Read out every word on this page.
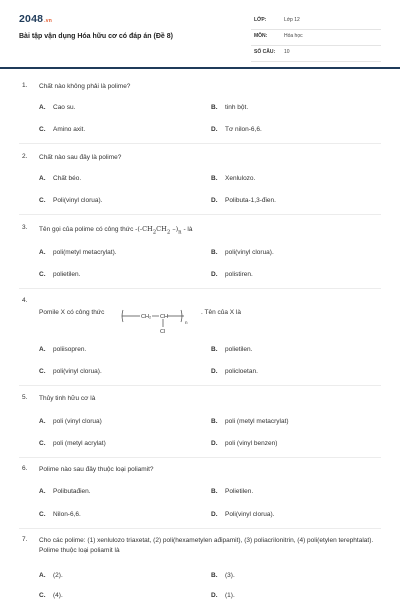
2048.vn
Bài tập vận dụng Hóa hữu cơ có đáp án (Đề 8)
LỚP:	Lớp 12
MÔN:	Hóa học
SỐ CÂU: 10
1. Chất nào không phải là polime?
A. Cao su.	B. tinh bột.
C. Amino axit.	D. Tơ nilon-6,6.
2. Chất nào sau đây là polime?
A. Chất béo.	B. Xenlulozo.
C. Poli(vinyl clorua).	D. Polibuta-1,3-đien.
3. Tên gọi của polime có công thức $-(-CH_2CH_2$ $-)_n$ - là
A. poli(metyl metacrylat).	B. poli(vinyl clorua).
C. polietilen.	D. polistiren.
4.
Pomile X có công thức
CH₂ CH
Cl
n
. Tên của X là
A. poliisopren.	B. polietilen.
C. poli(vinyl clorua).	D. policloetan.
5. Thủy tinh hữu cơ là
A. poli (vinyl clorua)	B. poli (metyl metacrylat)
C. poli (metyl acrylat)	D. poli (vinyl benzen)
6. Polime nào sau đây thuộc loại poliamit?
A. Polibutađien.	B. Polietilen.
C. Nilon-6,6.	D. Poli(vinyl clorua).
7. Cho các polime: (1) xenlulozo triaxetat, (2) poli(hexametylen ađipamit), (3) poliacrilonitrin, (4) poli(etylen terephtalat). Polime thuộc loại poliamit là
A. (2).	B. (3).
C. (4).	D. (1).
